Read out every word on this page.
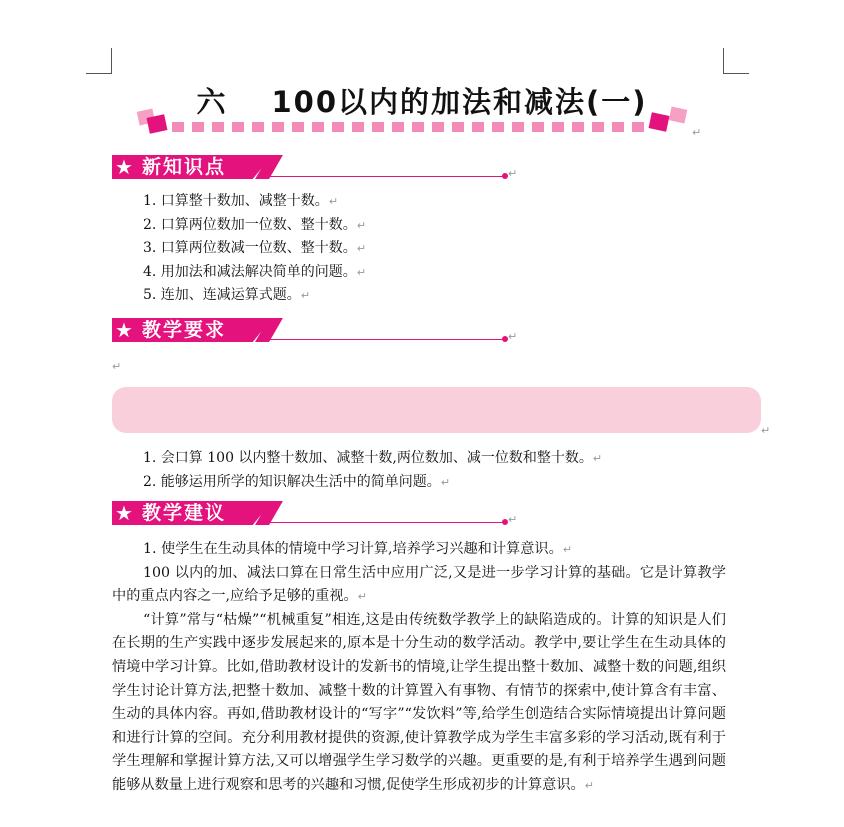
六 100以内的加法和减法(一)
↵
★ 新知识点	↵
1. 口算整十数加、减整十数。↵
2. 口算两位数加一位数、整十数。↵
3. 口算两位数减一位数、整十数。↵
4. 用加法和减法解决简单的问题。↵
5. 连加、连减运算式题。↵
★ 教学要求	↵
↵
↵
1. 会口算 100 以内整十数加、减整十数,两位数加、减一位数和整十数。↵
2. 能够运用所学的知识解决生活中的简单问题。↵
★ 教学建议	↵

1. 使学生在生动具体的情境中学习计算,培养学习兴趣和计算意识。↵

100 以内的加、减法口算在日常生活中应用广泛,又是进一步学习计算的基础。它是计算教学中的重点内容之一,应给予足够的重视。↵

“计算”常与“枯燥”“机械重复”相连,这是由传统数学教学上的缺陷造成的。计算的知识是人们在长期的生产实践中逐步发展起来的,原本是十分生动的数学活动。教学中,要让学生在生动具体的情境中学习计算。比如,借助教材设计的发新书的情境,让学生提出整十数加、减整十数的问题,组织学生讨论计算方法,把整十数加、减整十数的计算置入有事物、有情节的探索中,使计算含有丰富、生动的具体内容。再如,借助教材设计的“写字”“发饮料”等,给学生创造结合实际情境提出计算问题和进行计算的空间。充分利用教材提供的资源,使计算教学成为学生丰富多彩的学习活动,既有利于学生理解和掌握计算方法,又可以增强学生学习数学的兴趣。更重要的是,有利于培养学生遇到问题能够从数量上进行观察和思考的兴趣和习惯,促使学生形成初步的计算意识。↵
